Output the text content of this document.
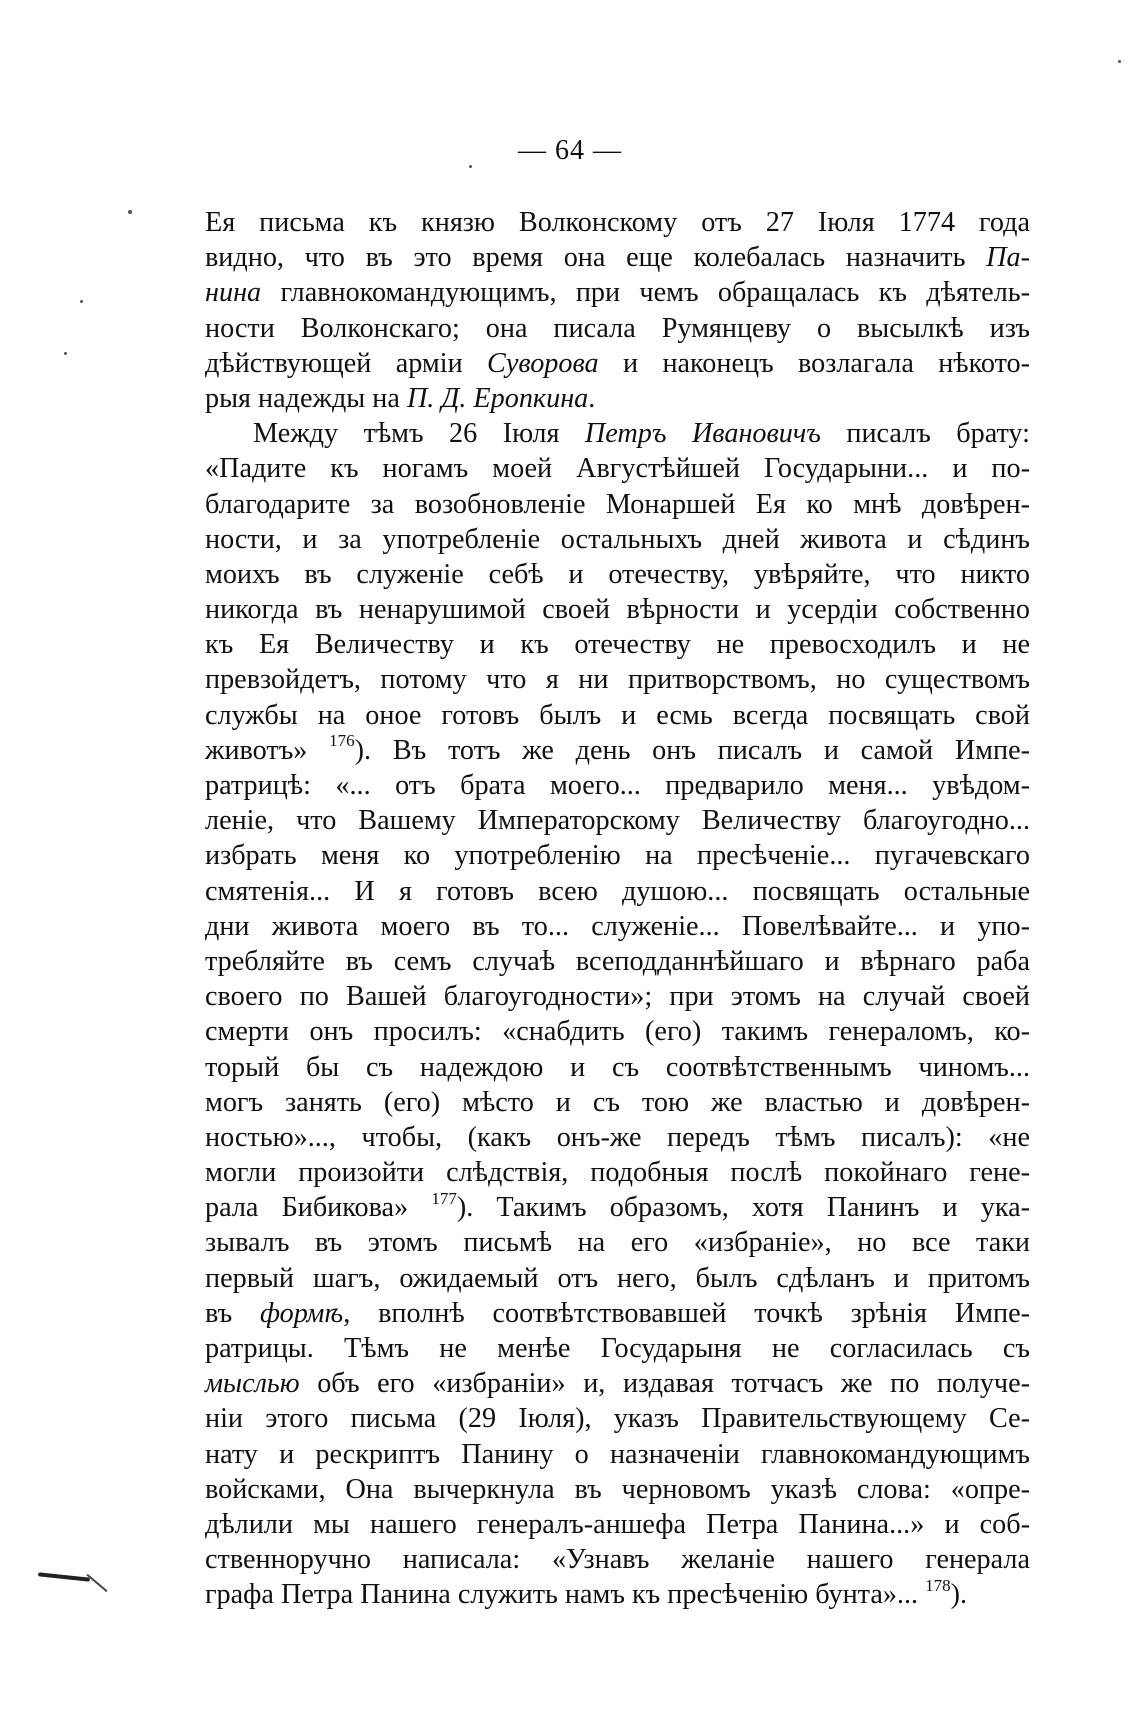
— 64 —
Ея письма къ князю Волконскому отъ 27 Іюля 1774 года
видно, что въ это время она еще колебалась назначить Па-
нина главнокомандующимъ, при чемъ обращалась къ дѣятель-
ности Волконскаго; она писала Румянцеву о высылкѣ изъ
дѣйствующей арміи Суворова и наконецъ возлагала нѣкото-
рыя надежды на П. Д. Еропкина.
Между тѣмъ 26 Іюля Петръ Ивановичъ писалъ брату:
«Падите къ ногамъ моей Августѣйшей Государыни... и по-
благодарите за возобновленіе Монаршей Ея ко мнѣ довѣрен-
ности, и за употребленіе остальныхъ дней живота и сѣдинъ
моихъ въ служеніе себѣ и отечеству, увѣряйте, что никто
никогда въ ненарушимой своей вѣрности и усердіи собственно
къ Ея Величеству и къ отечеству не превосходилъ и не
превзойдетъ, потому что я ни притворствомъ, но существомъ
службы на оное готовъ былъ и есмь всегда посвящать свой
животъ» $^{176}$). Въ тотъ же день онъ писалъ и самой Импе-
ратрицѣ: «... отъ брата моего... предварило меня... увѣдом-
леніе, что Вашему Императорскому Величеству благоугодно...
избрать меня ко употребленію на пресѣченіе... пугачевскаго
смятенія... И я готовъ всею душою... посвящать остальные
дни живота моего въ то... служеніе... Повелѣвайте... и упо-
требляйте въ семъ случаѣ всеподданнѣйшаго и вѣрнаго раба
своего по Вашей благоугодности»; при этомъ на случай своей
смерти онъ просилъ: «снабдить (его) такимъ генераломъ, ко-
торый бы съ надеждою и съ соотвѣтственнымъ чиномъ...
могъ занять (его) мѣсто и съ тою же властью и довѣрен-
ностью»..., чтобы, (какъ онъ-же передъ тѣмъ писалъ): «не
могли произойти слѣдствія, подобныя послѣ покойнаго гене-
рала Бибикова» $^{177}$). Такимъ образомъ, хотя Панинъ и ука-
зывалъ въ этомъ письмѣ на его «избраніе», но все таки
первый шагъ, ожидаемый отъ него, былъ сдѣланъ и притомъ
въ формѣ, вполнѣ соотвѣтствовавшей точкѣ зрѣнія Импе-
ратрицы. Тѣмъ не менѣе Государыня не согласилась съ
мыслью объ его «избраніи» и, издавая тотчасъ же по получе-
ніи этого письма (29 Іюля), указъ Правительствующему Се-
нату и рескриптъ Панину о назначеніи главнокомандующимъ
войсками, Она вычеркнула въ черновомъ указѣ слова: «опре-
дѣлили мы нашего генералъ-аншефа Петра Панина...» и соб-
ственноручно написала: «Узнавъ желаніе нашего генерала
графа Петра Панина служить намъ къ пресѣченію бунта»... $^{178}$).
